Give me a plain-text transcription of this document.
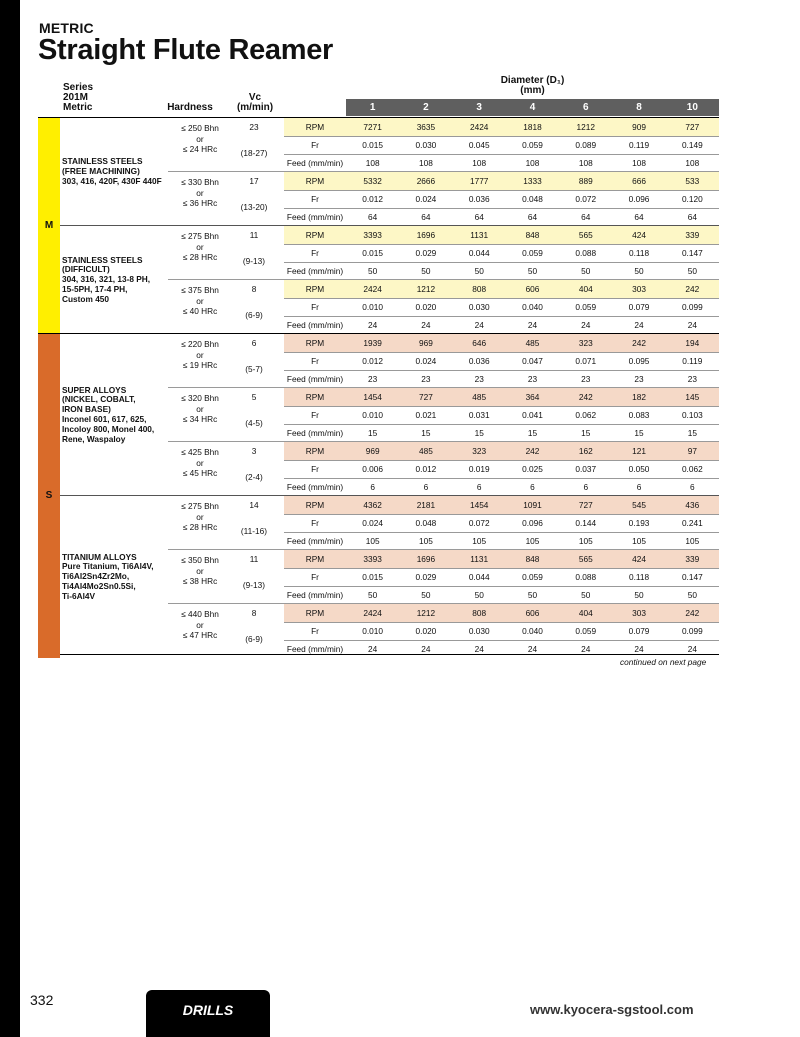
METRIC
Straight Flute Reamer
Series
201M
Metric	Hardness
Vc
(m/min)
Diameter (D₁)
(mm)
1	2	3	4	6	8	10
M
STAINLESS STEELS
(FREE MACHINING)
303, 416, 420F, 430F 440F
≤ 250 Bhn
or
≤ 24 HRc
23
(18-27)
RPM	7271	3635	2424	1818	1212	909	727
Fr	0.015	0.030	0.045	0.059	0.089	0.119	0.149
Feed (mm/min)	108	108	108	108	108	108	108
≤ 330 Bhn
or
≤ 36 HRc
17
(13-20)
RPM	5332	2666	1777	1333	889	666	533
Fr	0.012	0.024	0.036	0.048	0.072	0.096	0.120
Feed (mm/min)	64	64	64	64	64	64	64
STAINLESS STEELS
(DIFFICULT)
304, 316, 321, 13-8 PH,
15-5PH, 17-4 PH,
Custom 450
≤ 275 Bhn
or
≤ 28 HRc
11
(9-13)
RPM	3393	1696	1131	848	565	424	339
Fr	0.015	0.029	0.044	0.059	0.088	0.118	0.147
Feed (mm/min)	50	50	50	50	50	50	50
≤ 375 Bhn
or
≤ 40 HRc
8
(6-9)
RPM	2424	1212	808	606	404	303	242
Fr	0.010	0.020	0.030	0.040	0.059	0.079	0.099
Feed (mm/min)	24	24	24	24	24	24	24
S
SUPER ALLOYS
(NICKEL, COBALT,
IRON BASE)
Inconel 601, 617, 625,
Incoloy 800, Monel 400,
Rene, Waspaloy
≤ 220 Bhn
or
≤ 19 HRc
6
(5-7)
RPM	1939	969	646	485	323	242	194
Fr	0.012	0.024	0.036	0.047	0.071	0.095	0.119
Feed (mm/min)	23	23	23	23	23	23	23
≤ 320 Bhn
or
≤ 34 HRc
5
(4-5)
RPM	1454	727	485	364	242	182	145
Fr	0.010	0.021	0.031	0.041	0.062	0.083	0.103
Feed (mm/min)	15	15	15	15	15	15	15
≤ 425 Bhn
or
≤ 45 HRc
3
(2-4)
RPM	969	485	323	242	162	121	97
Fr	0.006	0.012	0.019	0.025	0.037	0.050	0.062
Feed (mm/min)	6	6	6	6	6	6	6
TITANIUM ALLOYS
Pure Titanium, Ti6Al4V,
Ti6Al2Sn4Zr2Mo,
Ti4Al4Mo2Sn0.5Si,
Ti-6Al4V
≤ 275 Bhn
or
≤ 28 HRc
14
(11-16)
RPM	4362	2181	1454	1091	727	545	436
Fr	0.024	0.048	0.072	0.096	0.144	0.193	0.241
Feed (mm/min)	105	105	105	105	105	105	105
≤ 350 Bhn
or
≤ 38 HRc
11
(9-13)
RPM	3393	1696	1131	848	565	424	339
Fr	0.015	0.029	0.044	0.059	0.088	0.118	0.147
Feed (mm/min)	50	50	50	50	50	50	50
≤ 440 Bhn
or
≤ 47 HRc
8
(6-9)
RPM	2424	1212	808	606	404	303	242
Fr	0.010	0.020	0.030	0.040	0.059	0.079	0.099
Feed (mm/min)	24	24	24	24	24	24	24
continued on next page
332
DRILLS	www.kyocera-sgstool.com
